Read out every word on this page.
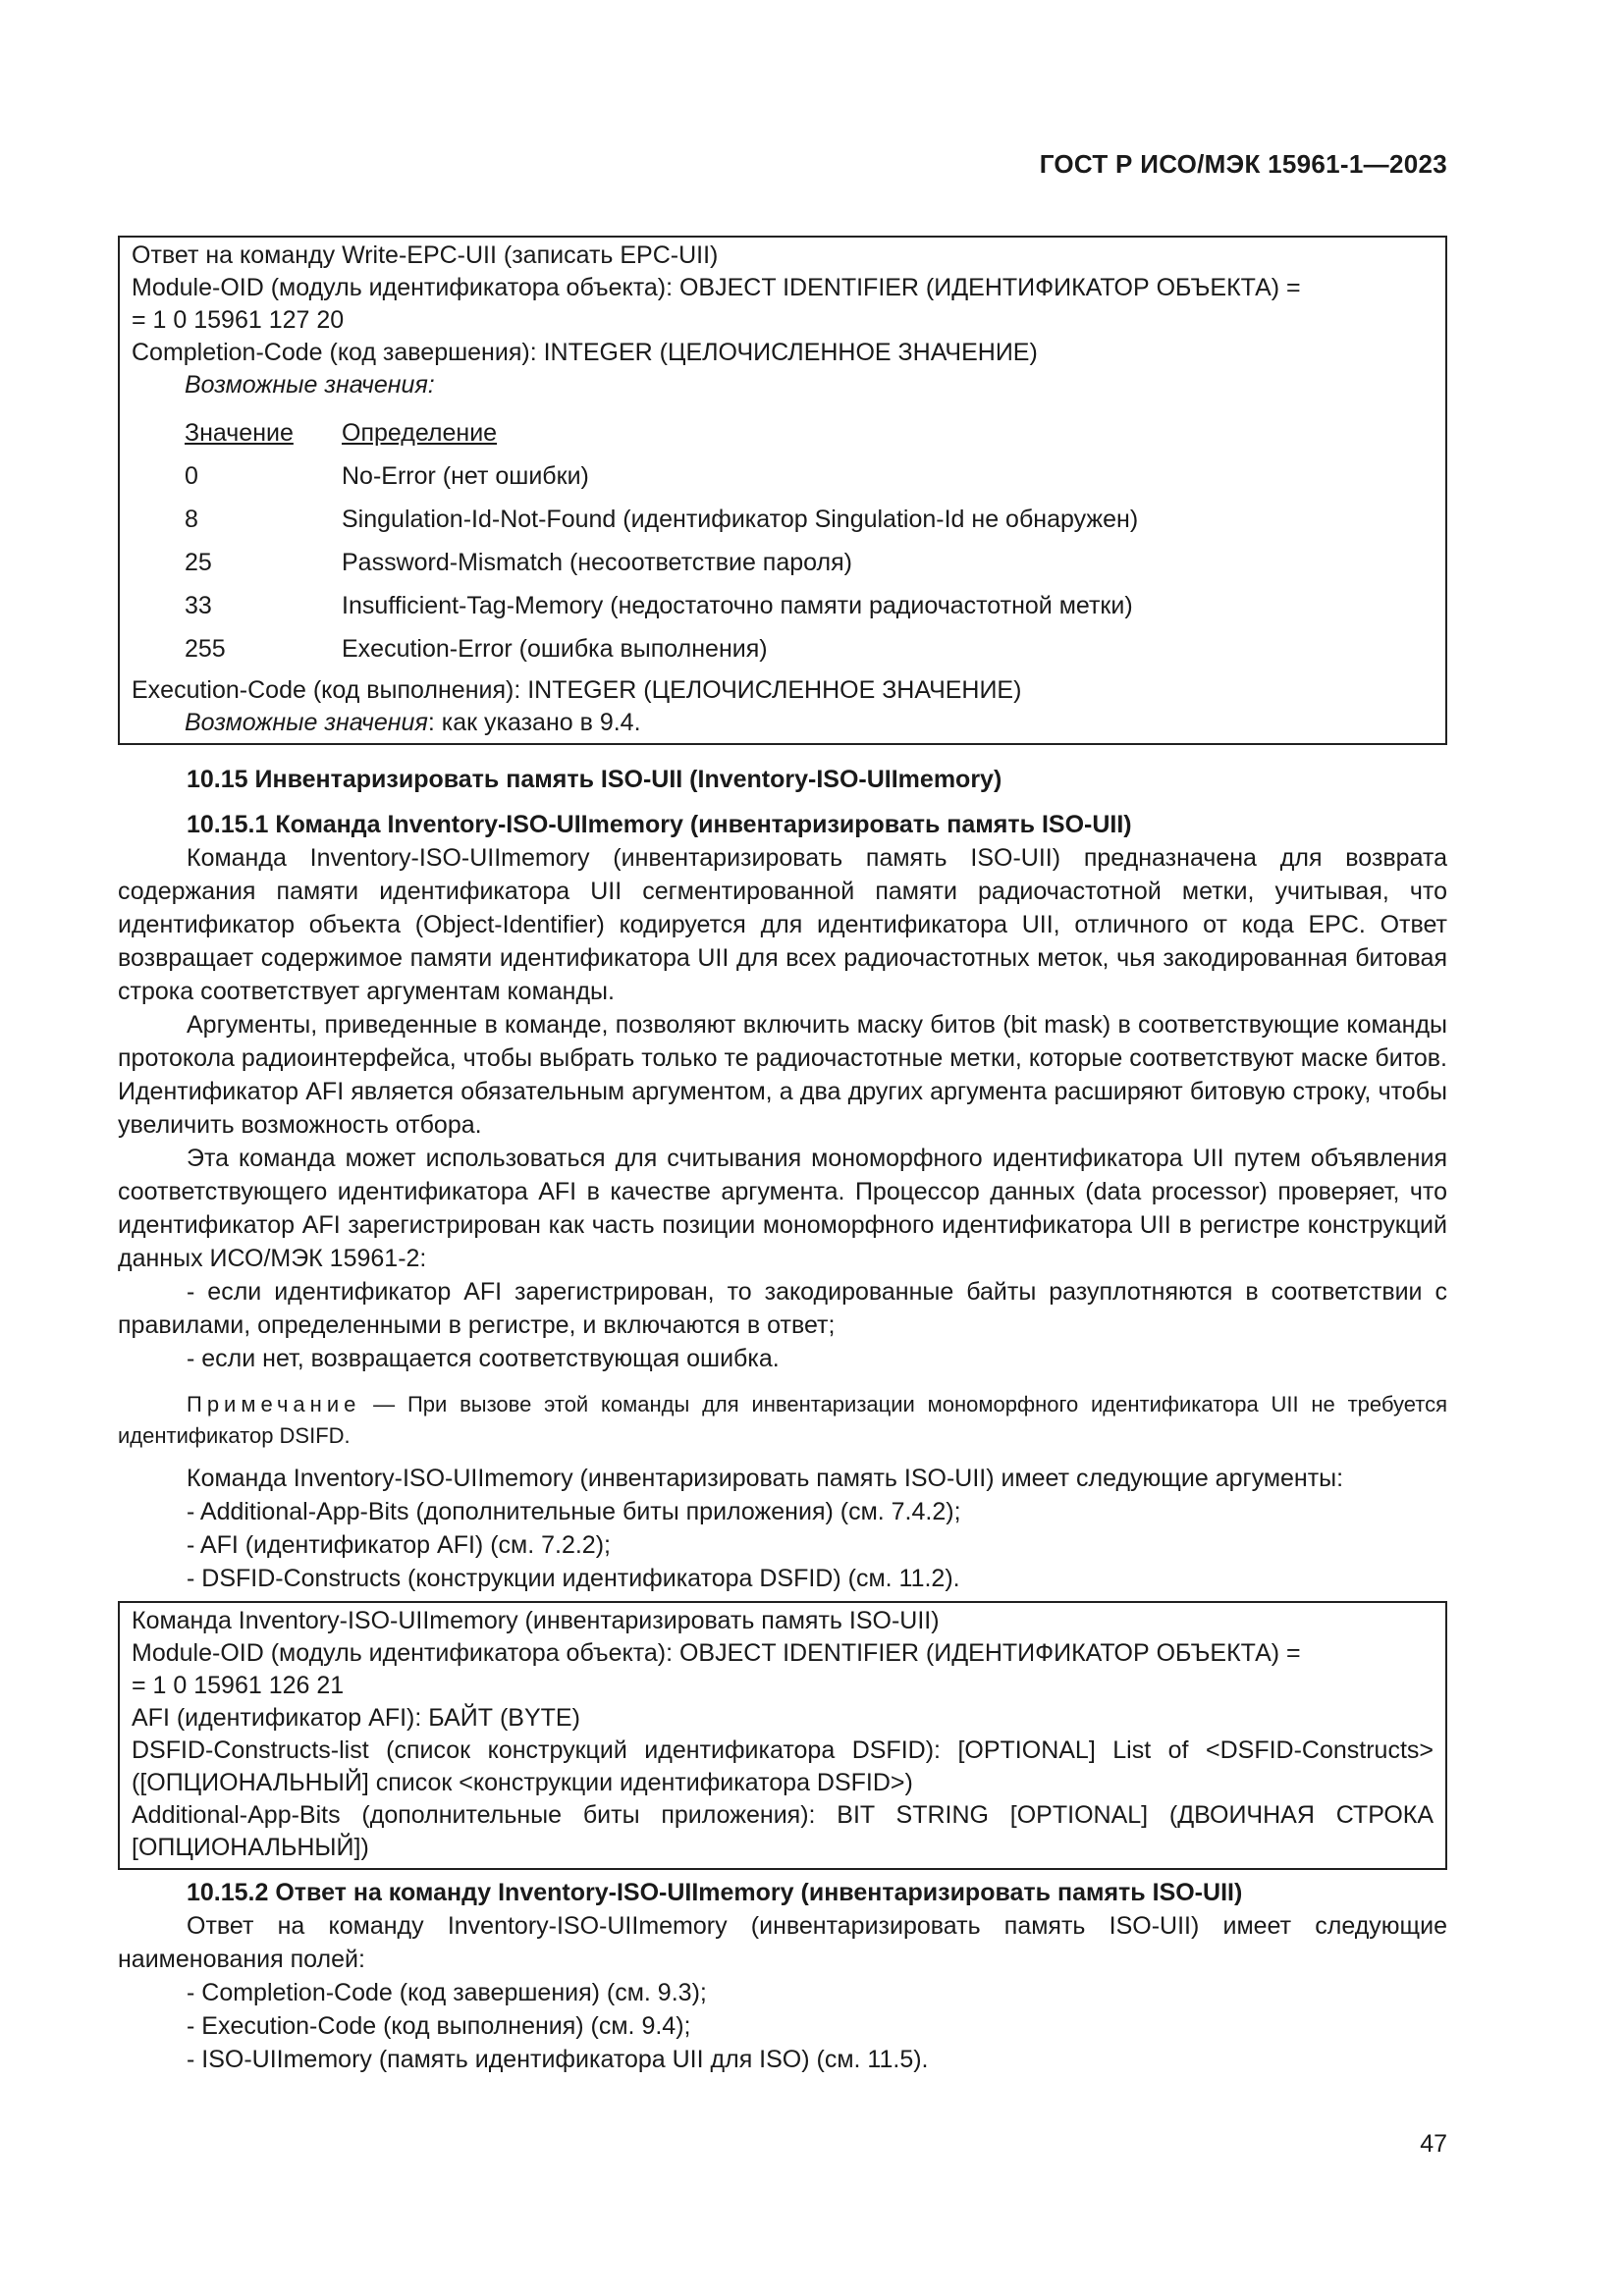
ГОСТ Р ИСО/МЭК 15961-1—2023
Ответ на команду Write-EPC-UII (записать EPC-UII)
Module-OID (модуль идентификатора объекта): OBJECT IDENTIFIER (ИДЕНТИФИКАТОР ОБЪЕКТА) =
= 1 0 15961 127 20
Completion-Code (код завершения): INTEGER (ЦЕЛОЧИСЛЕННОЕ ЗНАЧЕНИЕ)
Возможные значения:
Значение	Определение
0	No-Error (нет ошибки)
8	Singulation-Id-Not-Found (идентификатор Singulation-Id не обнаружен)
25	Password-Mismatch (несоответствие пароля)
33	Insufficient-Tag-Memory (недостаточно памяти радиочастотной метки)
255	Execution-Error (ошибка выполнения)
Execution-Code (код выполнения): INTEGER (ЦЕЛОЧИСЛЕННОЕ ЗНАЧЕНИЕ)
Возможные значения: как указано в 9.4.
10.15 Инвентаризировать память ISO-UII (Inventory-ISO-UIImemory)
10.15.1 Команда Inventory-ISO-UIImemory (инвентаризировать память ISO-UII)

Команда Inventory-ISO-UIImemory (инвентаризировать память ISO-UII) предназначена для возврата содержания памяти идентификатора UII сегментированной памяти радиочастотной метки, учитывая, что идентификатор объекта (Object-Identifier) кодируется для идентификатора UII, отличного от кода EPC. Ответ возвращает содержимое памяти идентификатора UII для всех радиочастотных меток, чья закодированная битовая строка соответствует аргументам команды.

Аргументы, приведенные в команде, позволяют включить маску битов (bit mask) в соответствующие команды протокола радиоинтерфейса, чтобы выбрать только те радиочастотные метки, которые соответствуют маске битов. Идентификатор AFI является обязательным аргументом, а два других аргумента расширяют битовую строку, чтобы увеличить возможность отбора.

Эта команда может использоваться для считывания мономорфного идентификатора UII путем объявления соответствующего идентификатора AFI в качестве аргумента. Процессор данных (data processor) проверяет, что идентификатор AFI зарегистрирован как часть позиции мономорфного идентификатора UII в регистре конструкций данных ИСО/МЭК 15961-2:

- если идентификатор AFI зарегистрирован, то закодированные байты разуплотняются в соответствии с правилами, определенными в регистре, и включаются в ответ;

- если нет, возвращается соответствующая ошибка.

Примечание — При вызове этой команды для инвентаризации мономорфного идентификатора UII не требуется идентификатор DSIFD.

Команда Inventory-ISO-UIImemory (инвентаризировать память ISO-UII) имеет следующие аргументы:

- Additional-App-Bits (дополнительные биты приложения) (см. 7.4.2);
- AFI (идентификатор AFI) (см. 7.2.2);
- DSFID-Constructs (конструкции идентификатора DSFID) (см. 11.2).
Команда Inventory-ISO-UIImemory (инвентаризировать память ISO-UII)
Module-OID (модуль идентификатора объекта): OBJECT IDENTIFIER (ИДЕНТИФИКАТОР ОБЪЕКТА) =
= 1 0 15961 126 21
AFI (идентификатор AFI): БАЙТ (BYTE)
DSFID-Constructs-list (список конструкций идентификатора DSFID): [OPTIONAL] List of <DSFID-Constructs> ([ОПЦИОНАЛЬНЫЙ] список <конструкции идентификатора DSFID>)
Additional-App-Bits (дополнительные биты приложения): BIT STRING [OPTIONAL] (ДВОИЧНАЯ СТРОКА [ОПЦИОНАЛЬНЫЙ])
10.15.2 Ответ на команду Inventory-ISO-UIImemory (инвентаризировать память ISO-UII)

Ответ на команду Inventory-ISO-UIImemory (инвентаризировать память ISO-UII) имеет следующие наименования полей:

- Completion-Code (код завершения) (см. 9.3);
- Execution-Code (код выполнения) (см. 9.4);
- ISO-UIImemory (память идентификатора UII для ISO) (см. 11.5).
47
